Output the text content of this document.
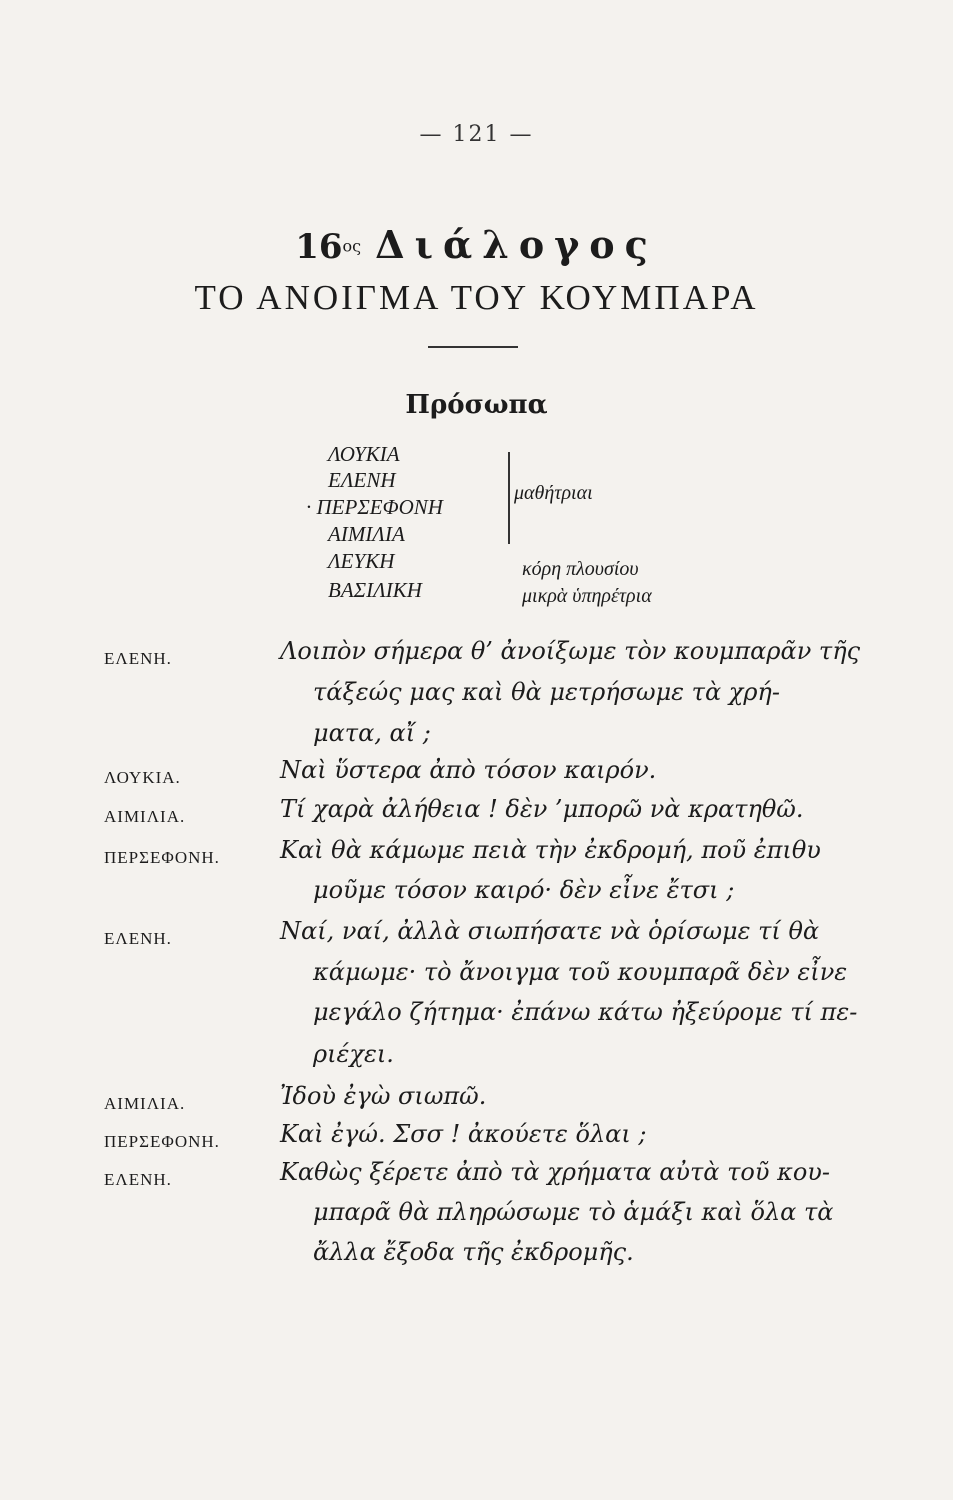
— 121 —
16ος Διάλογος
ΤΟ ΑΝΟΙΓΜΑ ΤΟΥ ΚΟΥΜΠΑΡΑ
Πρόσωπα
ΛΟΥΚΙΑ
ΕΛΕΝΗ
· ΠΕΡΣΕΦΟΝΗ
ΑΙΜΙΛΙΑ
ΛΕΥΚΗ
ΒΑΣΙΛΙΚΗ
μαθήτριαι
κόρη πλουσίου
μικρὰ ὑπηρέτρια
ΕΛΕΝΗ.	Λοιπὸν σήμερα θ’ ἀνοίξωμε τὸν κουμπαρᾶν τῆς
τάξεώς μας καὶ θὰ μετρήσωμε τὰ χρή-
ματα, αἴ ;
ΛΟΥΚΙΑ.	Ναὶ ὕστερα ἀπὸ τόσον καιρόν.
ΑΙΜΙΛΙΑ.	Τί χαρὰ ἀλήθεια ! δὲν ’μπορῶ νὰ κρατηθῶ.
ΠΕΡΣΕΦΟΝΗ.	Καὶ θὰ κάμωμε πειὰ τὴν ἐκδρομή, ποῦ ἐπιθυ
μοῦμε τόσον καιρό· δὲν εἶνε ἔτσι ;
ΕΛΕΝΗ.	Ναί, ναί, ἀλλὰ σιωπήσατε νὰ ὁρίσωμε τί θὰ
κάμωμε· τὸ ἄνοιγμα τοῦ κουμπαρᾶ δὲν εἶνε
μεγάλο ζήτημα· ἐπάνω κάτω ἠξεύρομε τί πε-
ριέχει.
ΑΙΜΙΛΙΑ.	Ἰδοὺ ἐγὼ σιωπῶ.
ΠΕΡΣΕΦΟΝΗ.	Καὶ ἐγώ. Σσσ ! ἀκούετε ὅλαι ;
ΕΛΕΝΗ.	Καθὼς ξέρετε ἀπὸ τὰ χρήματα αὐτὰ τοῦ κου-
μπαρᾶ θὰ πληρώσωμε τὸ ἁμάξι καὶ ὅλα τὰ
ἄλλα ἔξοδα τῆς ἐκδρομῆς.
